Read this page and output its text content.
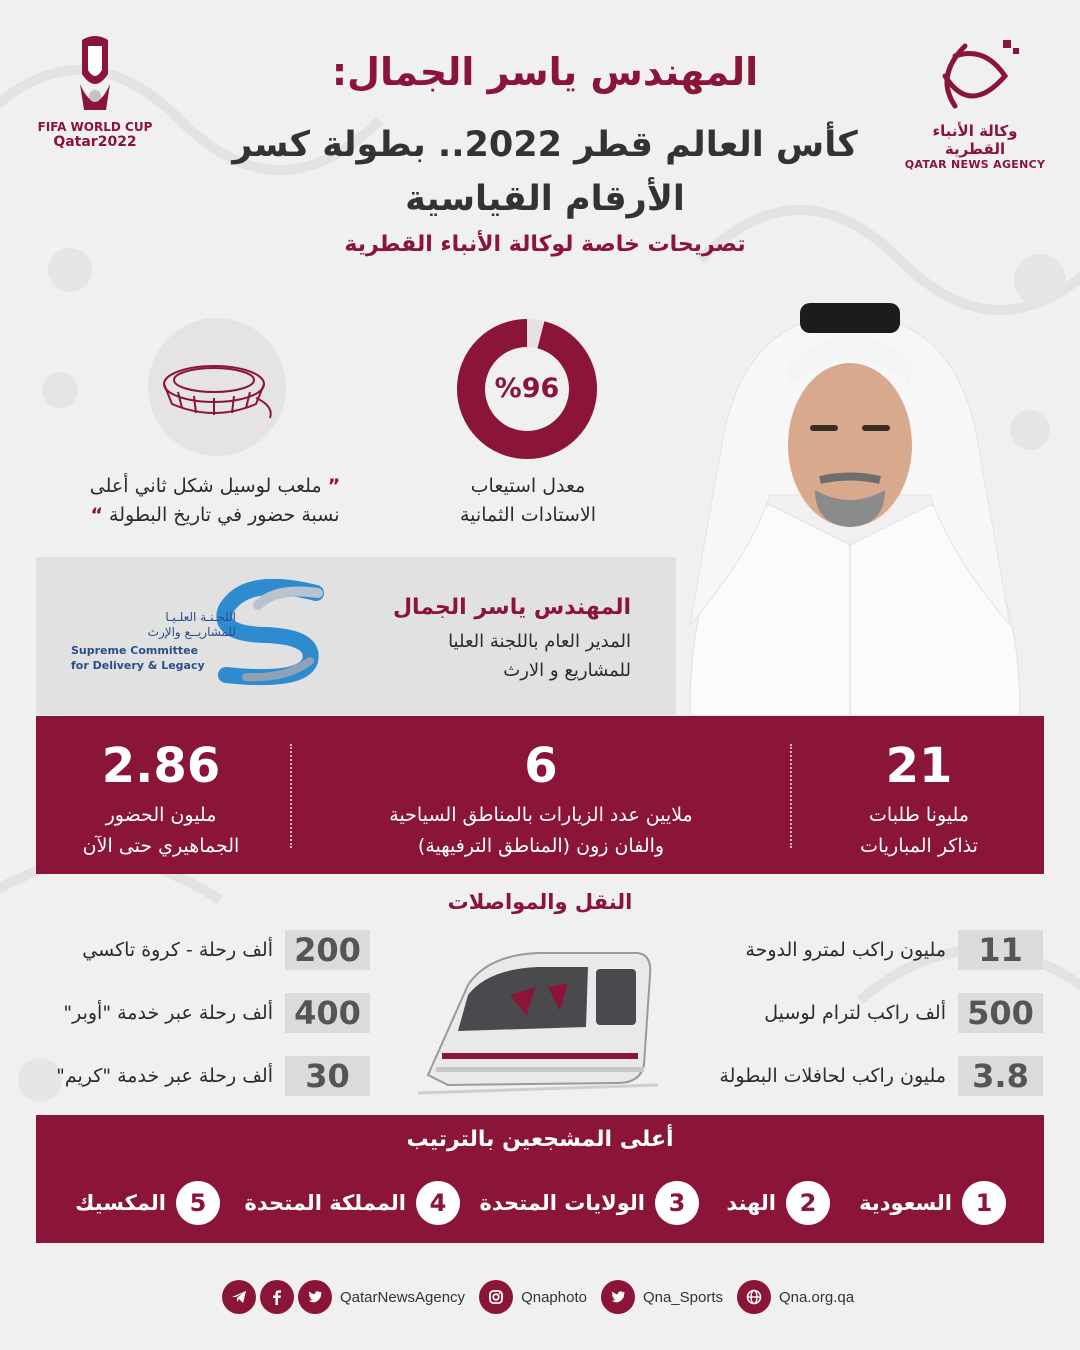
وكالة الأنباء القطرية
QATAR NEWS AGENCY
FIFA WORLD CUP
Qatar2022
المهندس ياسر الجمال:
كأس العالم قطر 2022.. بطولة كسر
الأرقام القياسية
تصريحات خاصة لوكالة الأنباء القطرية
%96
معدل استيعاب
الاستادات الثمانية
” ملعب لوسيل شكل ثاني أعلى
نسبة حضور في تاريخ البطولة “
المهندس ياسر الجمال
المدير العام باللجنة العليا
للمشاريع و الارث
اللجـنـة العلـيـا
للمشاريــع والإرث
Supreme Committee
for Delivery & Legacy
2.86
مليون الحضور
الجماهيري حتى الآن
6
ملايين عدد الزيارات بالمناطق السياحية
والفان زون (المناطق الترفيهية)
21
مليونا طلبات
تذاكر المباريات
النقل والمواصلات
11
مليون راكب لمترو الدوحة
500
ألف راكب لترام لوسيل
3.8
مليون راكب لحافلات البطولة
200
ألف رحلة - كروة تاكسي
400
ألف رحلة عبر خدمة "أوبر"
30
ألف رحلة عبر خدمة "كريم"
أعلى المشجعين بالترتيب
1
السعودية
2
الهند
3
الولايات المتحدة
4
المملكة المتحدة
5
المكسيك
QatarNewsAgency	Qnaphoto	Qna_Sports	Qna.org.qa
